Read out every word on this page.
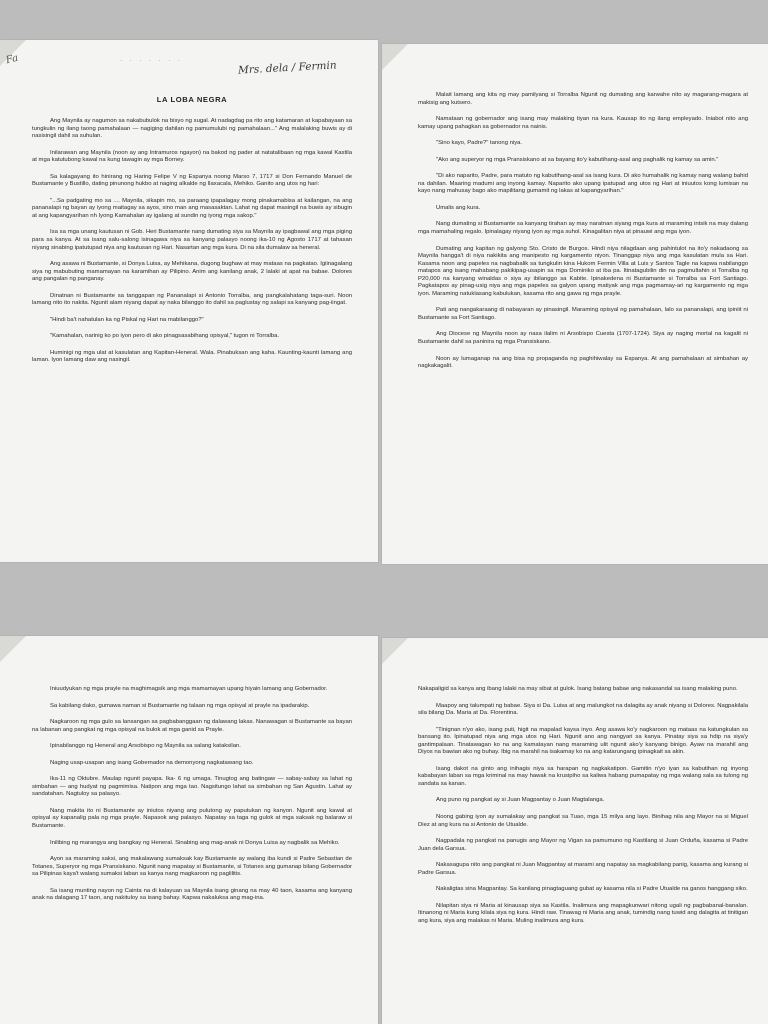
Fa	· · · · · · ·	Mrs. dela / Fermin
LA LOBA NEGRA

Ang Maynila ay nagumon sa nakabubulok na bisyo ng sugal. At nadagdag pa rito ang katamaran at kapabayaan sa tungkulin ng ilang taong pamahalaan — nagiging dahilan ng pamumulubi ng pamahalaan..." Ang malalaking buwis ay di nasisingil dahil sa suhulan.

Inilarawan ang Maynila (noon ay ang Intramuros ngayon) na bakod ng pader at natatalibaan ng mga kawal Kastila at mga katutubong kawal na kung tawagin ay mga Borney.

Sa kalagayang ito hinirang ng Haring Felipe V ng Espanya noong Marso 7, 1717 si Don Fernando Manuel de Bustamante y Bustillo, dating pinunong hukbo at naging alkalde ng Ilaxacala, Mehiko. Ganito ang utos ng hari:

"...Sa padgating mo sa .... Maynila, sikapin mo, sa paraang ipapalagay mong pinakamabisa at kailangan, na ang pananalapi ng bayan ay iyong maitagay sa ayos, sino man ang masasaktan. Lahat ng dapat masingil na buwis ay sibugin at ang kapangyarihan nh Iyong Kamahalan ay igalang at sundin ng iyong mga sakop."

Isa sa mga unang kautusan ni Gob. Heri Bustamante nang dumating siya sa Maynila ay ipagbawal ang mga piging para sa kanya. At sa isang salu-salong isinagawa niya sa kanyang palasyo noong ika-10 ng Agosto 1717 at tahasan niyang sinabing ipatutupad niya ang kautusan ng Hari. Nasartan ang mga kura. Di na sila dumalaw sa heneral.

Ang asawa ni Bustamante, si Donya Luisa, ay Mehikana, dugong bughaw at may mataas na pagkatao. Igiinagalang siya ng mabubuting mamamayan na karamihan ay Pilipino. Anim ang kanilang anak, 2 lalaki at apat na babae. Dolores ang pangalan ng panganay.

Dinatnan ni Bustamante sa tanggapan ng Pananalapi si Antonio Torralba, ang pangkalahatang taga-suri. Noon lamang nito ito nakita. Ngunit alam niyang dapat ay naka bilanggo ito dahil sa paglustay ng salapi sa kanyang pag-iingat.

"Hindi ba't nahatulan ka ng Piskal ng Hari na mabilanggo?"

"Kamahalan, narinig ko po iyon pero di ako pinagsasabihang opisyal," tugon ni Torralba.

Huminigi ng mga ulat at kasulatan ang Kapitan-Heneral. Wala. Pinabuksan ang kaha. Kaunting-kaunti lamang ang laman. Iyon lamang daw ang nasingil.

Malait lamang ang kita ng may pamilyang si Torralba Ngunit ng dumating ang karwahe nito ay magarang-magara at makisig ang kutsero.

Namataan ng gobernador ang isang may malaking tiyan na kura. Kausap ito ng ilang empleyado. Iniabot nito ang kamay upang pahagkan sa gobernador na nainis.

"Sino kayo, Padre?" tanong niya.

"Ako ang superyor ng mga Pransiskano at sa bayang ito'y kabutihang-asal ang paghalik ng kamay sa amin."

"Di ako naparito, Padre, para matuto ng kabutihang-asal sa isang kura. Di ako humahalik ng kamay nang walang bahid na dahilan. Maaring madumi ang inyong kamay. Naparito ako upang ipatupad ang utos ng Hari at iniuutos kong lumisan na kayo nang mahusay bago ako mapilitang gumamit ng lakas at kapangyarihan."

Umalis ang kura.

Nang dumating si Bustamante sa kanyang tirahan ay may naratnan siyang mga kura at maraming intsik na may dalang mga mamahaling regalo. Ipinalagay niyang iyon ay mga suhol. Kinagalitan niya at pinauwi ang mga iyon.

Dumating ang kapitan ng galyong Sto. Cristo de Burgos. Hindi niya nilagdaan ang pahintulot na ito'y nakadaong sa Maynila hangga't di niya nakikita ang manipesto ng kargamento niyon. Tinanggap niya ang mga kasulatan mula sa Hari. Kasama noon ang papeles na nagbabalik sa tungkulin kina Hukom Fermin Villa at Luis y Santos Tagle na kapwa nabilanggo matapos ang isang mahabang pakikipag-usapin sa mga Dominiko at iba pa. Itinatagubilin din na pagmultahin si Torralba ng P20,000 na kanyang winaldas o siya ay ibilanggo sa Kabite. Ipinakedena ni Bustamante si Torralba sa Fort Santiago. Pagkatapos ay pinag-usig niya ang mga papeles sa galyon upang matiyak ang mga pagmamay-ari ng kargamento ng mga iyon. Maraming natuklasang kabulukan, kasama rito ang gawa ng mga prayle.

Pati ang nangakaraang di nabayaran ay pinasingil. Maraming opisyal ng pamahalaan, lalo sa pananalapi, ang ipiniit ni Bustamante sa Fort Santiago.

Ang Diocese ng Maynila noon ay nasa ilalim ni Arsobispo Cuesta (1707-1724). Siya ay naging mortal na kagalit ni Bustamante dahil sa paninira ng mga Pransiskano.

Noon ay lumaganap na ang bisa ng propaganda ng paghihiwalay sa Espanya. At ang pamahalaan at simbahan ay nagkakagalit.

Iniuudyukan ng mga prayle na maghimagsik ang mga mamamayan upang hiyain lamang ang Gobernador.

Sa kabilang dako, gumawa naman si Bustamante ng talaan ng mga opisyal at prayle na ipadarakip.

Nagkaroon ng mga gulo sa lansangan sa pagbabanggaan ng dalawang lakas. Nanawagan si Bustamante sa bayan na labanan ang pangkat ng mga opisyal na bulok at mga ganid sa Prayle.

Ipinabilanggo ng Heneral ang Arsobispo ng Maynila sa salang kataksilan.

Naging usap-usapan ang isang Gobernador na demonyong nagkatawang tao.

Ika-11 ng Oktubre. Maulap ngunit payapa. Ika- 6 ng umaga. Tinugtog ang batingaw — sabay-sabay sa lahat ng simbahan — ang hudyat ng pagmimisa. Natipon ang mga tao. Nagsitungo lahat sa simbahan ng San Agustin. Lahat ay sandatahan. Nagtuloy sa palasyo.

Nang makita ito ni Bustamante ay iniutos niyang ang pulutong ay paputukan ng kanyon. Ngunit ang kawal at opisyal ay kapanalig pala ng mga prayle. Napasok ang palasyo. Napatay sa taga ng gulok at mga saksak ng balaraw si Bustamante.

Inilibing ng marangya ang bangkay ng Heneral. Sinabing ang mag-anak ni Donya Luisa ay nagbalik sa Mehiko.

Ayon sa maraming saksi, ang makalawang sumaksak kay Bustamante ay walang iba kundi si Padre Sebastian de Totanes, Superyor ng mga Pransiskano. Ngunit nang mapatay si Bustamante, si Totanes ang gumanap bilang Gobernador sa Pilipinas kaya't walang sumaksi laban sa kanya nang magkaroon ng paglilitis.

Sa isang munting nayon ng Cainta na di kalayuan sa Maynila isang ginang na may 40 taon, kasama ang kanyang anak na dalagang 17 taon, ang nakituloy sa isang bahay. Kapwa nakaluksa ang mag-ina.

Nakapaligid sa kanya ang ibang lalaki na may sibat at gulok. Isang batang babae ang nakasandal sa isang malaking puno.

Maapoy ang talumpati ng babae. Siya si Da. Luisa at ang malungkot na dalagita ay anak niyang si Dolores. Nagpakilala sila bilang Da. Maria at Da. Florentina.

"Tinignan n'yo ako, isang puti, higit na mapalad kaysa inyo. Ang asawa ko'y nagkaroon ng mataas na katungkulan sa bansang ito. Ipinatupad niya ang mga utos ng Hari. Ngunit ano ang nangyari sa kanya. Pinatay siya sa hdip na siya'y gantimpalaan. Tinatawagan ko na ang kamatayan nang maraming ulit ngunit ako'y kanyang binigo. Ayaw na marahil ang Diyos na bawian ako ng buhay. Ibig na marahil na isakamay ko na ang katarungang ipinagkait sa akin.

Isang dakot na ginto ang inihagis niya sa harapan ng nagkakatipon. Gamitin n'yo iyan sa kabutihan ng inyong kababayan laban sa mga kriminal na may hawak na krusipiho sa kaliwa habang pumapatay ng mga walang sala sa tulong ng sandata sa kanan.

Ang puno ng pangkat ay si Juan Magpantay o Juan Magtalanga.

Noong gabing iyon ay sumalakay ang pangkat sa Tuao, mga 15 milya ang layo. Binihag nila ang Mayor na si Miguel Diez at ang kura na si Antonio de Utualde.

Nagpadala ng pangkat na panugis ang Mayor ng Vigan sa pamumuno ng Kastilang si Juan Orduña, kasama si Padre Juan dela Garsua.

Nakasagupa nito ang pangkat ni Juan Magpantay at marami ang napatay sa magkabilang panig, kasama ang kurang si Padre Garsua.

Nakaligtas sina Magpantay. Sa kanilang pinagtaguang gubat ay kasama nila si Padre Utualde na ganos hanggang siko.

Nilapitan siya ni Maria at kinausap siya sa Kastila. Inalimura ang mapagkunwari nitong ugali ng pagbabanal-banalan. Itinanong ni Maria kung kilala siya ng kura. Hindi raw. Tinawag ni Maria ang anak, tumindig nang tuwid ang dalagita at tinitigan ang kura, siya ang malakas ni Maria. Muling inalimura ang kura.
